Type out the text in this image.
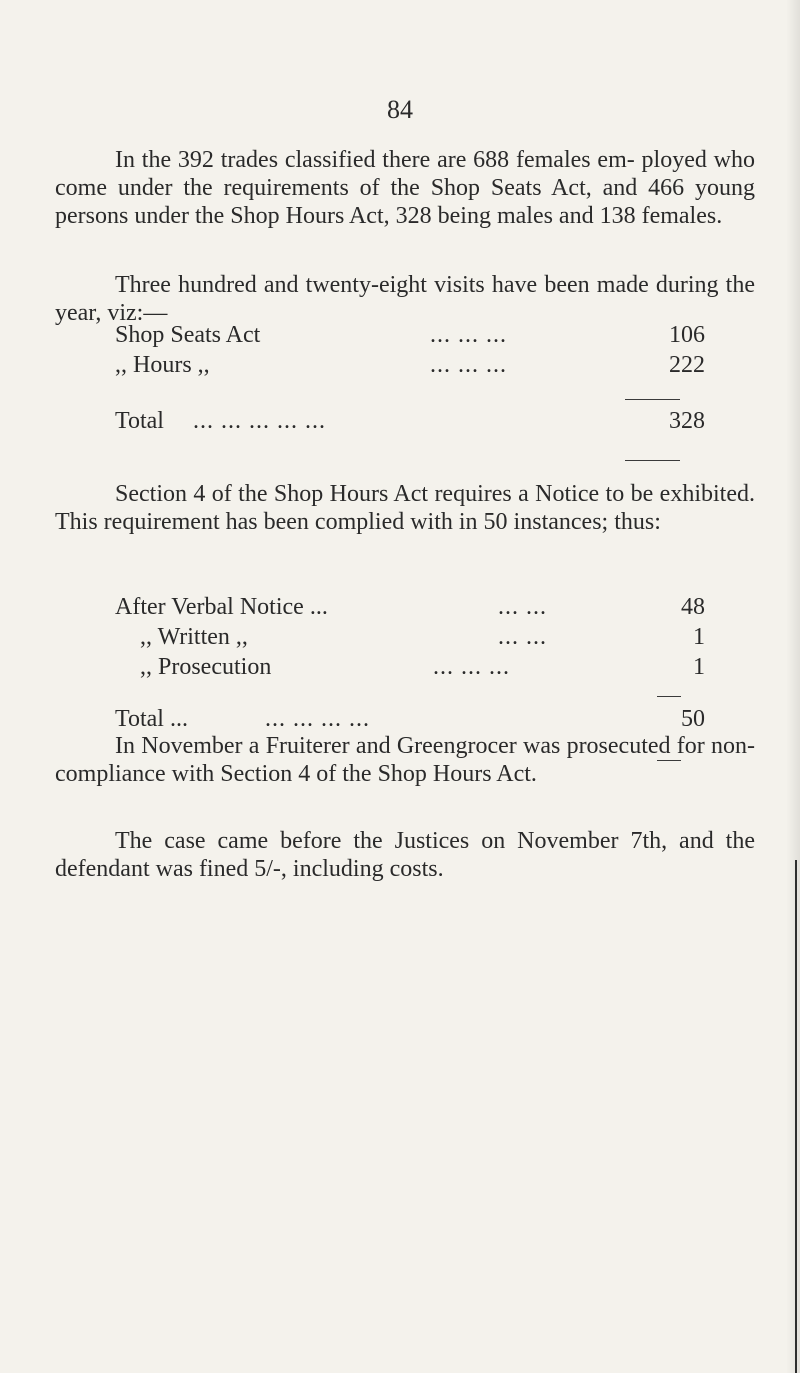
84

In the 392 trades classified there are 688 females em- ployed who come under the requirements of the Shop Seats Act, and 466 young persons under the Shop Hours Act, 328 being males and 138 females.

Three hundred and twenty-eight visits have been made during the year, viz:—

Shop Seats Act	... ... ...	106
,, Hours ,,	... ... ...	222
Total ... ... ... ... ...	328

Section 4 of the Shop Hours Act requires a Notice to be exhibited. This requirement has been complied with in 50 instances; thus:

After Verbal Notice ...	... ...	48
,, Written ,,	... ...	1
,, Prosecution	... ... ...	1
Total ...	... ... ... ...	50

In November a Fruiterer and Greengrocer was prosecuted for non-compliance with Section 4 of the Shop Hours Act.

The case came before the Justices on November 7th, and the defendant was fined 5/-, including costs.
